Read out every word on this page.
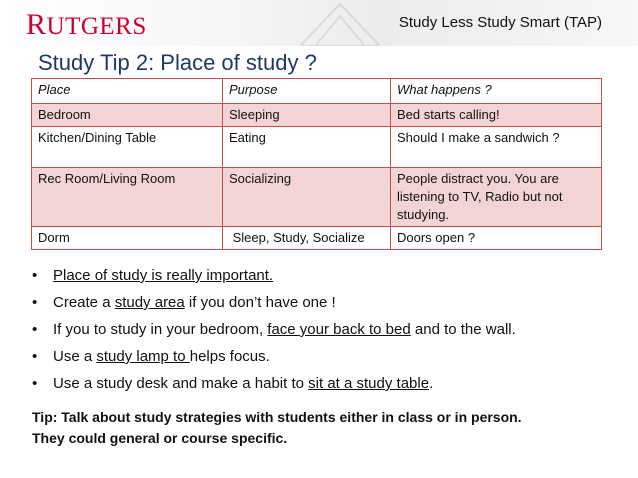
RUTGERS	Study Less Study Smart (TAP)
Study Tip 2: Place of study ?
Place	Purpose	What happens ?
Bedroom	Sleeping	Bed starts calling!
Kitchen/Dining Table	Eating	Should I make a sandwich ?
Rec Room/Living Room	Socializing	People distract you. You are listening to TV, Radio but not studying.
Dorm	Sleep, Study, Socialize	Doors open ?
• Place of study is really important.
• Create a study area if you don’t have one !
• If you to study in your bedroom, face your back to bed and to the wall.
• Use a study lamp to helps focus.
• Use a study desk and make a habit to sit at a study table.
Tip: Talk about study strategies with students either in class or in person.
They could general or course specific.
